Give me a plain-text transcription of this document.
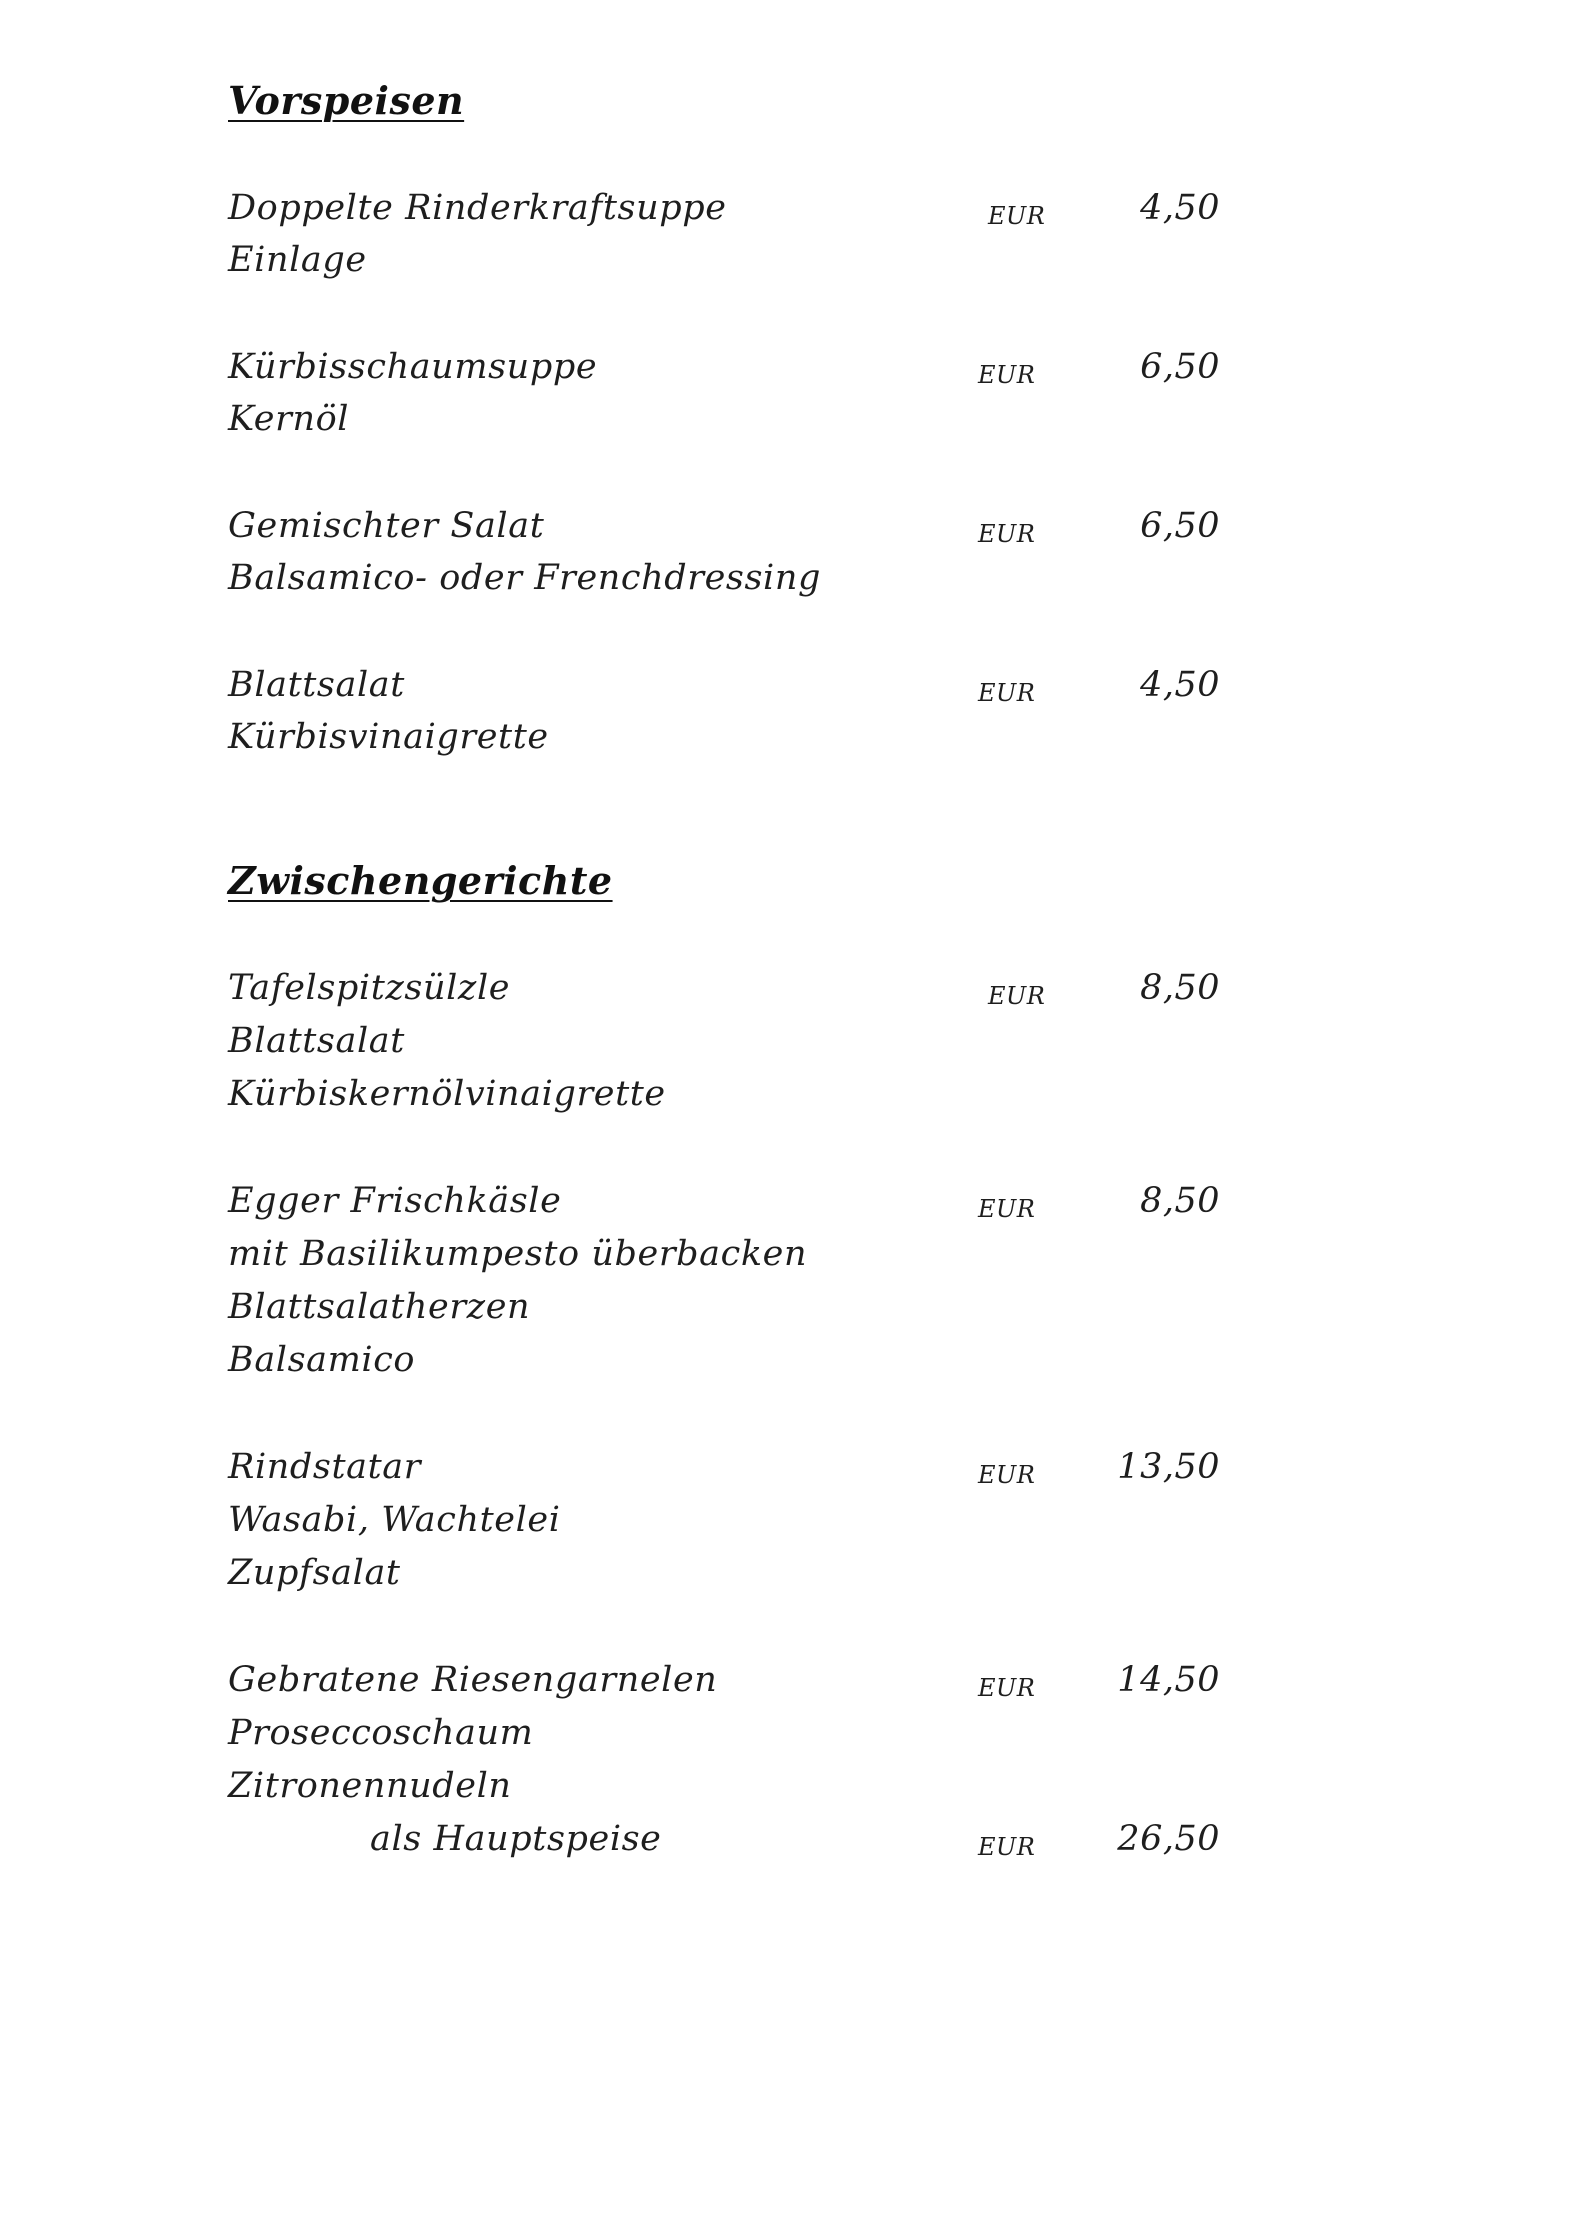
Vorspeisen
Doppelte Rinderkraftsuppe	EUR	4,50
Einlage
Kürbisschaumsuppe	EUR	6,50
Kernöl
Gemischter Salat	EUR	6,50
Balsamico- oder Frenchdressing
Blattsalat	EUR	4,50
Kürbisvinaigrette
Zwischengerichte
Tafelspitzsülzle	EUR	8,50
Blattsalat
Kürbiskernölvinaigrette
Egger Frischkäsle	EUR	8,50
mit Basilikumpesto überbacken
Blattsalatherzen
Balsamico
Rindstatar	EUR	13,50
Wasabi, Wachtelei
Zupfsalat
Gebratene Riesengarnelen	EUR	14,50
Proseccoschaum
Zitronennudeln
als Hauptspeise	EUR	26,50
